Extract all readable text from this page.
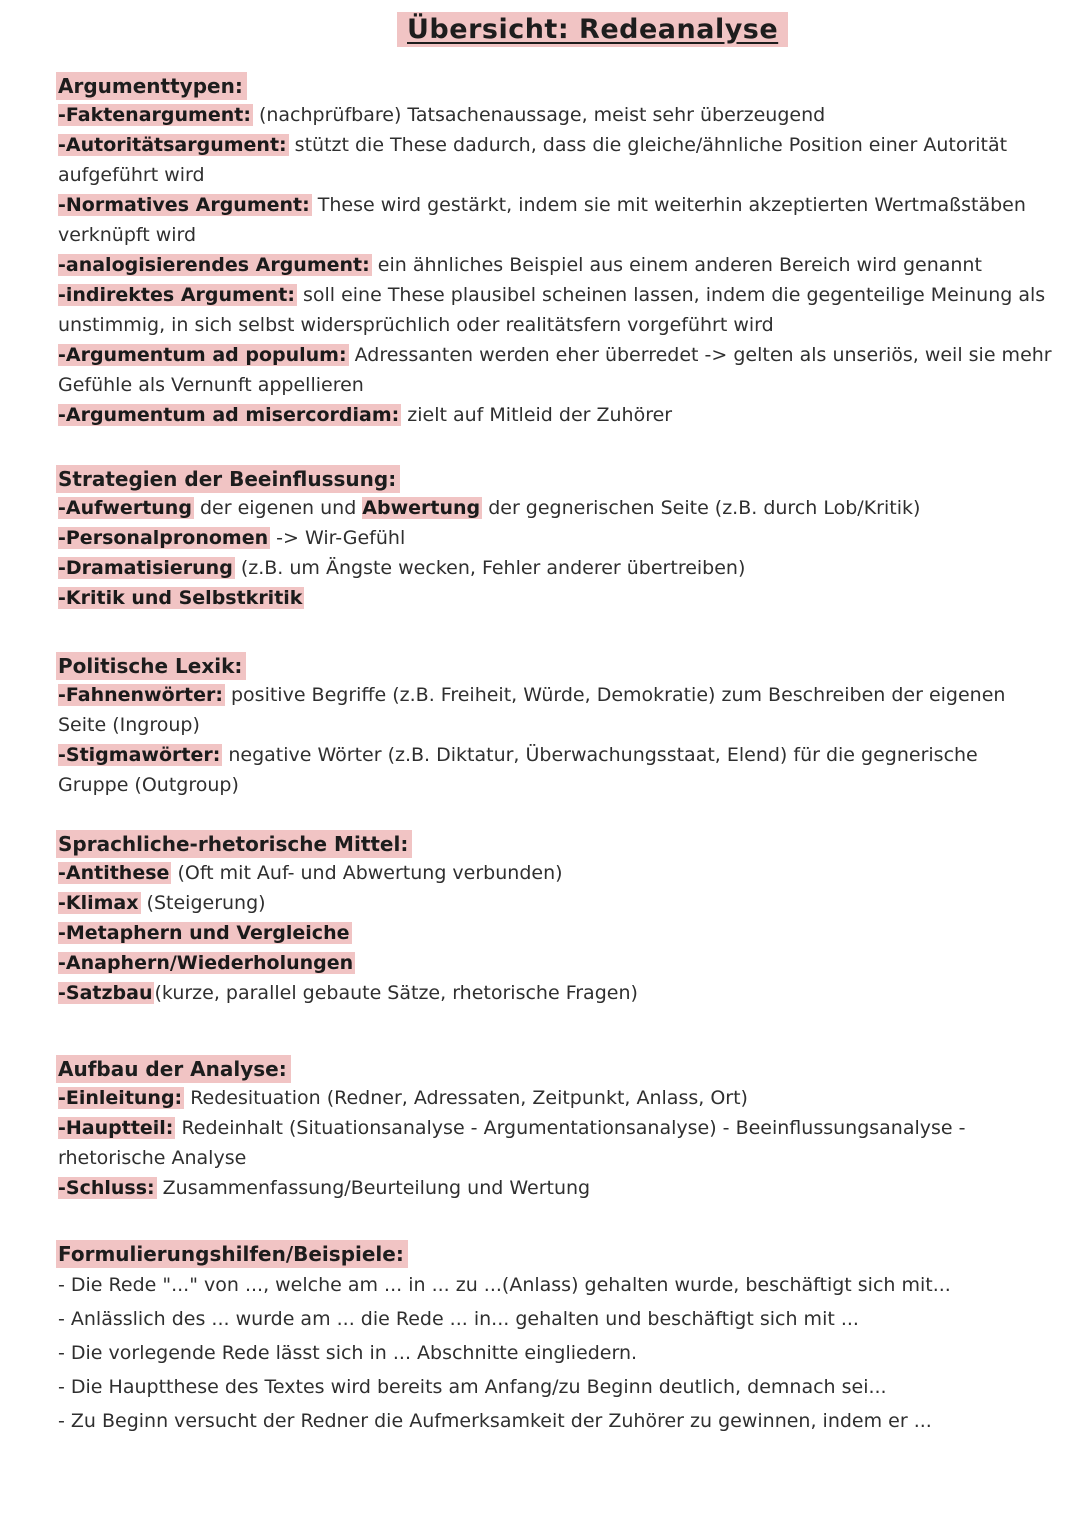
Übersicht: Redeanalyse
Argumenttypen:
-Faktenargument: (nachprüfbare) Tatsachenaussage, meist sehr überzeugend
-Autoritätsargument: stützt die These dadurch, dass die gleiche/ähnliche Position einer Autorität aufgeführt wird
-Normatives Argument: These wird gestärkt, indem sie mit weiterhin akzeptierten Wertmaßstäben verknüpft wird
-analogisierendes Argument: ein ähnliches Beispiel aus einem anderen Bereich wird genannt
-indirektes Argument: soll eine These plausibel scheinen lassen, indem die gegenteilige Meinung als unstimmig, in sich selbst widersprüchlich oder realitätsfern vorgeführt wird
-Argumentum ad populum: Adressanten werden eher überredet -> gelten als unseriös, weil sie mehr Gefühle als Vernunft appellieren
-Argumentum ad misercordiam: zielt auf Mitleid der Zuhörer
Strategien der Beeinflussung:
-Aufwertung der eigenen und Abwertung der gegnerischen Seite (z.B. durch Lob/Kritik)
-Personalpronomen -> Wir-Gefühl
-Dramatisierung (z.B. um Ängste wecken, Fehler anderer übertreiben)
-Kritik und Selbstkritik
Politische Lexik:
-Fahnenwörter: positive Begriffe (z.B. Freiheit, Würde, Demokratie) zum Beschreiben der eigenen Seite (Ingroup)
-Stigmawörter: negative Wörter (z.B. Diktatur, Überwachungsstaat, Elend) für die gegnerische Gruppe (Outgroup)
Sprachliche-rhetorische Mittel:
-Antithese (Oft mit Auf- und Abwertung verbunden)
-Klimax (Steigerung)
-Metaphern und Vergleiche
-Anaphern/Wiederholungen
-Satzbau (kurze, parallel gebaute Sätze, rhetorische Fragen)
Aufbau der Analyse:
-Einleitung: Redesituation (Redner, Adressaten, Zeitpunkt, Anlass, Ort)
-Hauptteil: Redeinhalt (Situationsanalyse - Argumentationsanalyse) - Beeinflussungsanalyse - rhetorische Analyse
-Schluss: Zusammenfassung/Beurteilung und Wertung
Formulierungshilfen/Beispiele:
- Die Rede "..." von ..., welche am ... in ... zu ...(Anlass) gehalten wurde, beschäftigt sich mit...
- Anlässlich des ... wurde am ... die Rede ... in... gehalten und beschäftigt sich mit ...
- Die vorlegende Rede lässt sich in ... Abschnitte eingliedern.
- Die Hauptthese des Textes wird bereits am Anfang/zu Beginn deutlich, demnach sei...
- Zu Beginn versucht der Redner die Aufmerksamkeit der Zuhörer zu gewinnen, indem er ...
